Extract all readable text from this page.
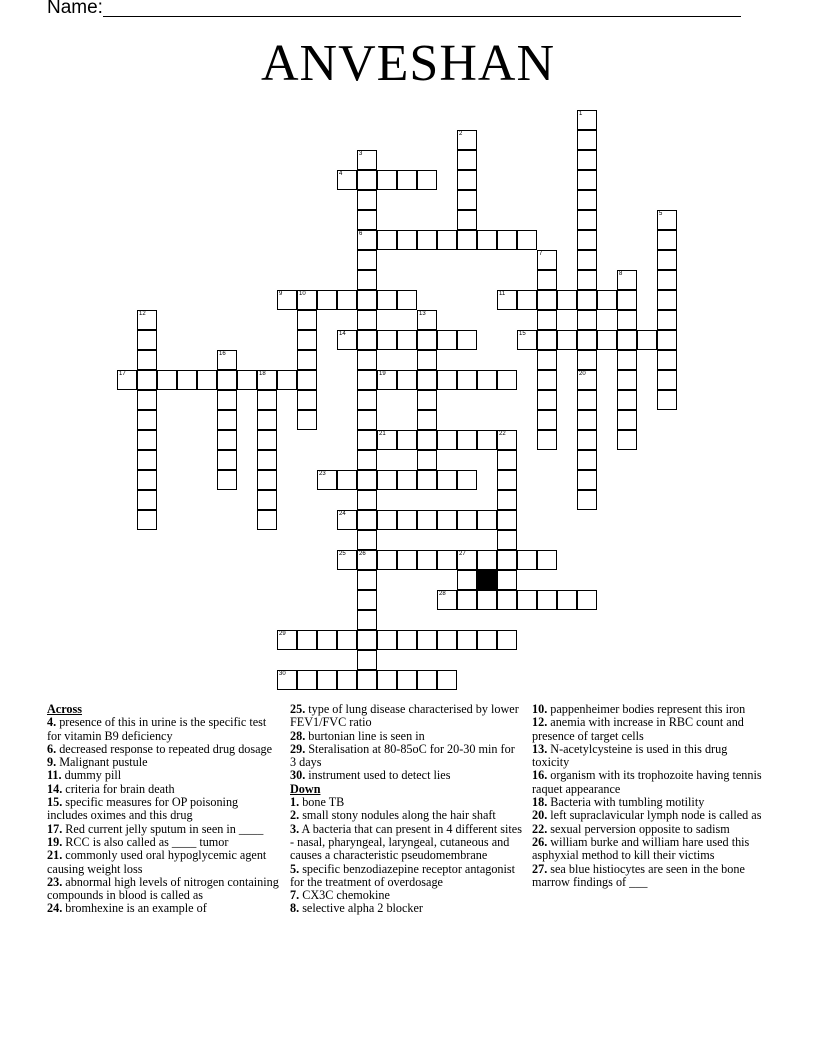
Name:
ANVESHAN
1
20
2
3
6
26
4
5
7
8
9	10	11
12	13
14	15
16
17	18	19
21	22
23
24
25	27
28
29
30

Across

4. presence of this in urine is the specific test for vitamin B9 deficiency

6. decreased response to repeated drug dosage

9. Malignant pustule

11. dummy pill

14. criteria for brain death

15. specific measures for OP poisoning includes oximes and this drug

17. Red current jelly sputum in seen in ____

19. RCC is also called as ____ tumor

21. commonly used oral hypoglycemic agent causing weight loss

23. abnormal high levels of nitrogen containing compounds in blood is called as

24. bromhexine is an example of

25. type of lung disease characterised by lower FEV1/FVC ratio

28. burtonian line is seen in

29. Steralisation at 80-85oC for 20-30 min for 3 days

30. instrument used to detect lies

Down

1. bone TB

2. small stony nodules along the hair shaft

3. A bacteria that can present in 4 different sites - nasal, pharyngeal, laryngeal, cutaneous and causes a characteristic pseudomembrane

5. specific benzodiazepine receptor antagonist for the treatment of overdosage

7. CX3C chemokine

8. selective alpha 2 blocker

10. pappenheimer bodies represent this iron

12. anemia with increase in RBC count and presence of target cells

13. N-acetylcysteine is used in this drug toxicity

16. organism with its trophozoite having tennis raquet appearance

18. Bacteria with tumbling motility

20. left supraclavicular lymph node is called as

22. sexual perversion opposite to sadism

26. william burke and william hare used this asphyxial method to kill their victims

27. sea blue histiocytes are seen in the bone marrow findings of ___
